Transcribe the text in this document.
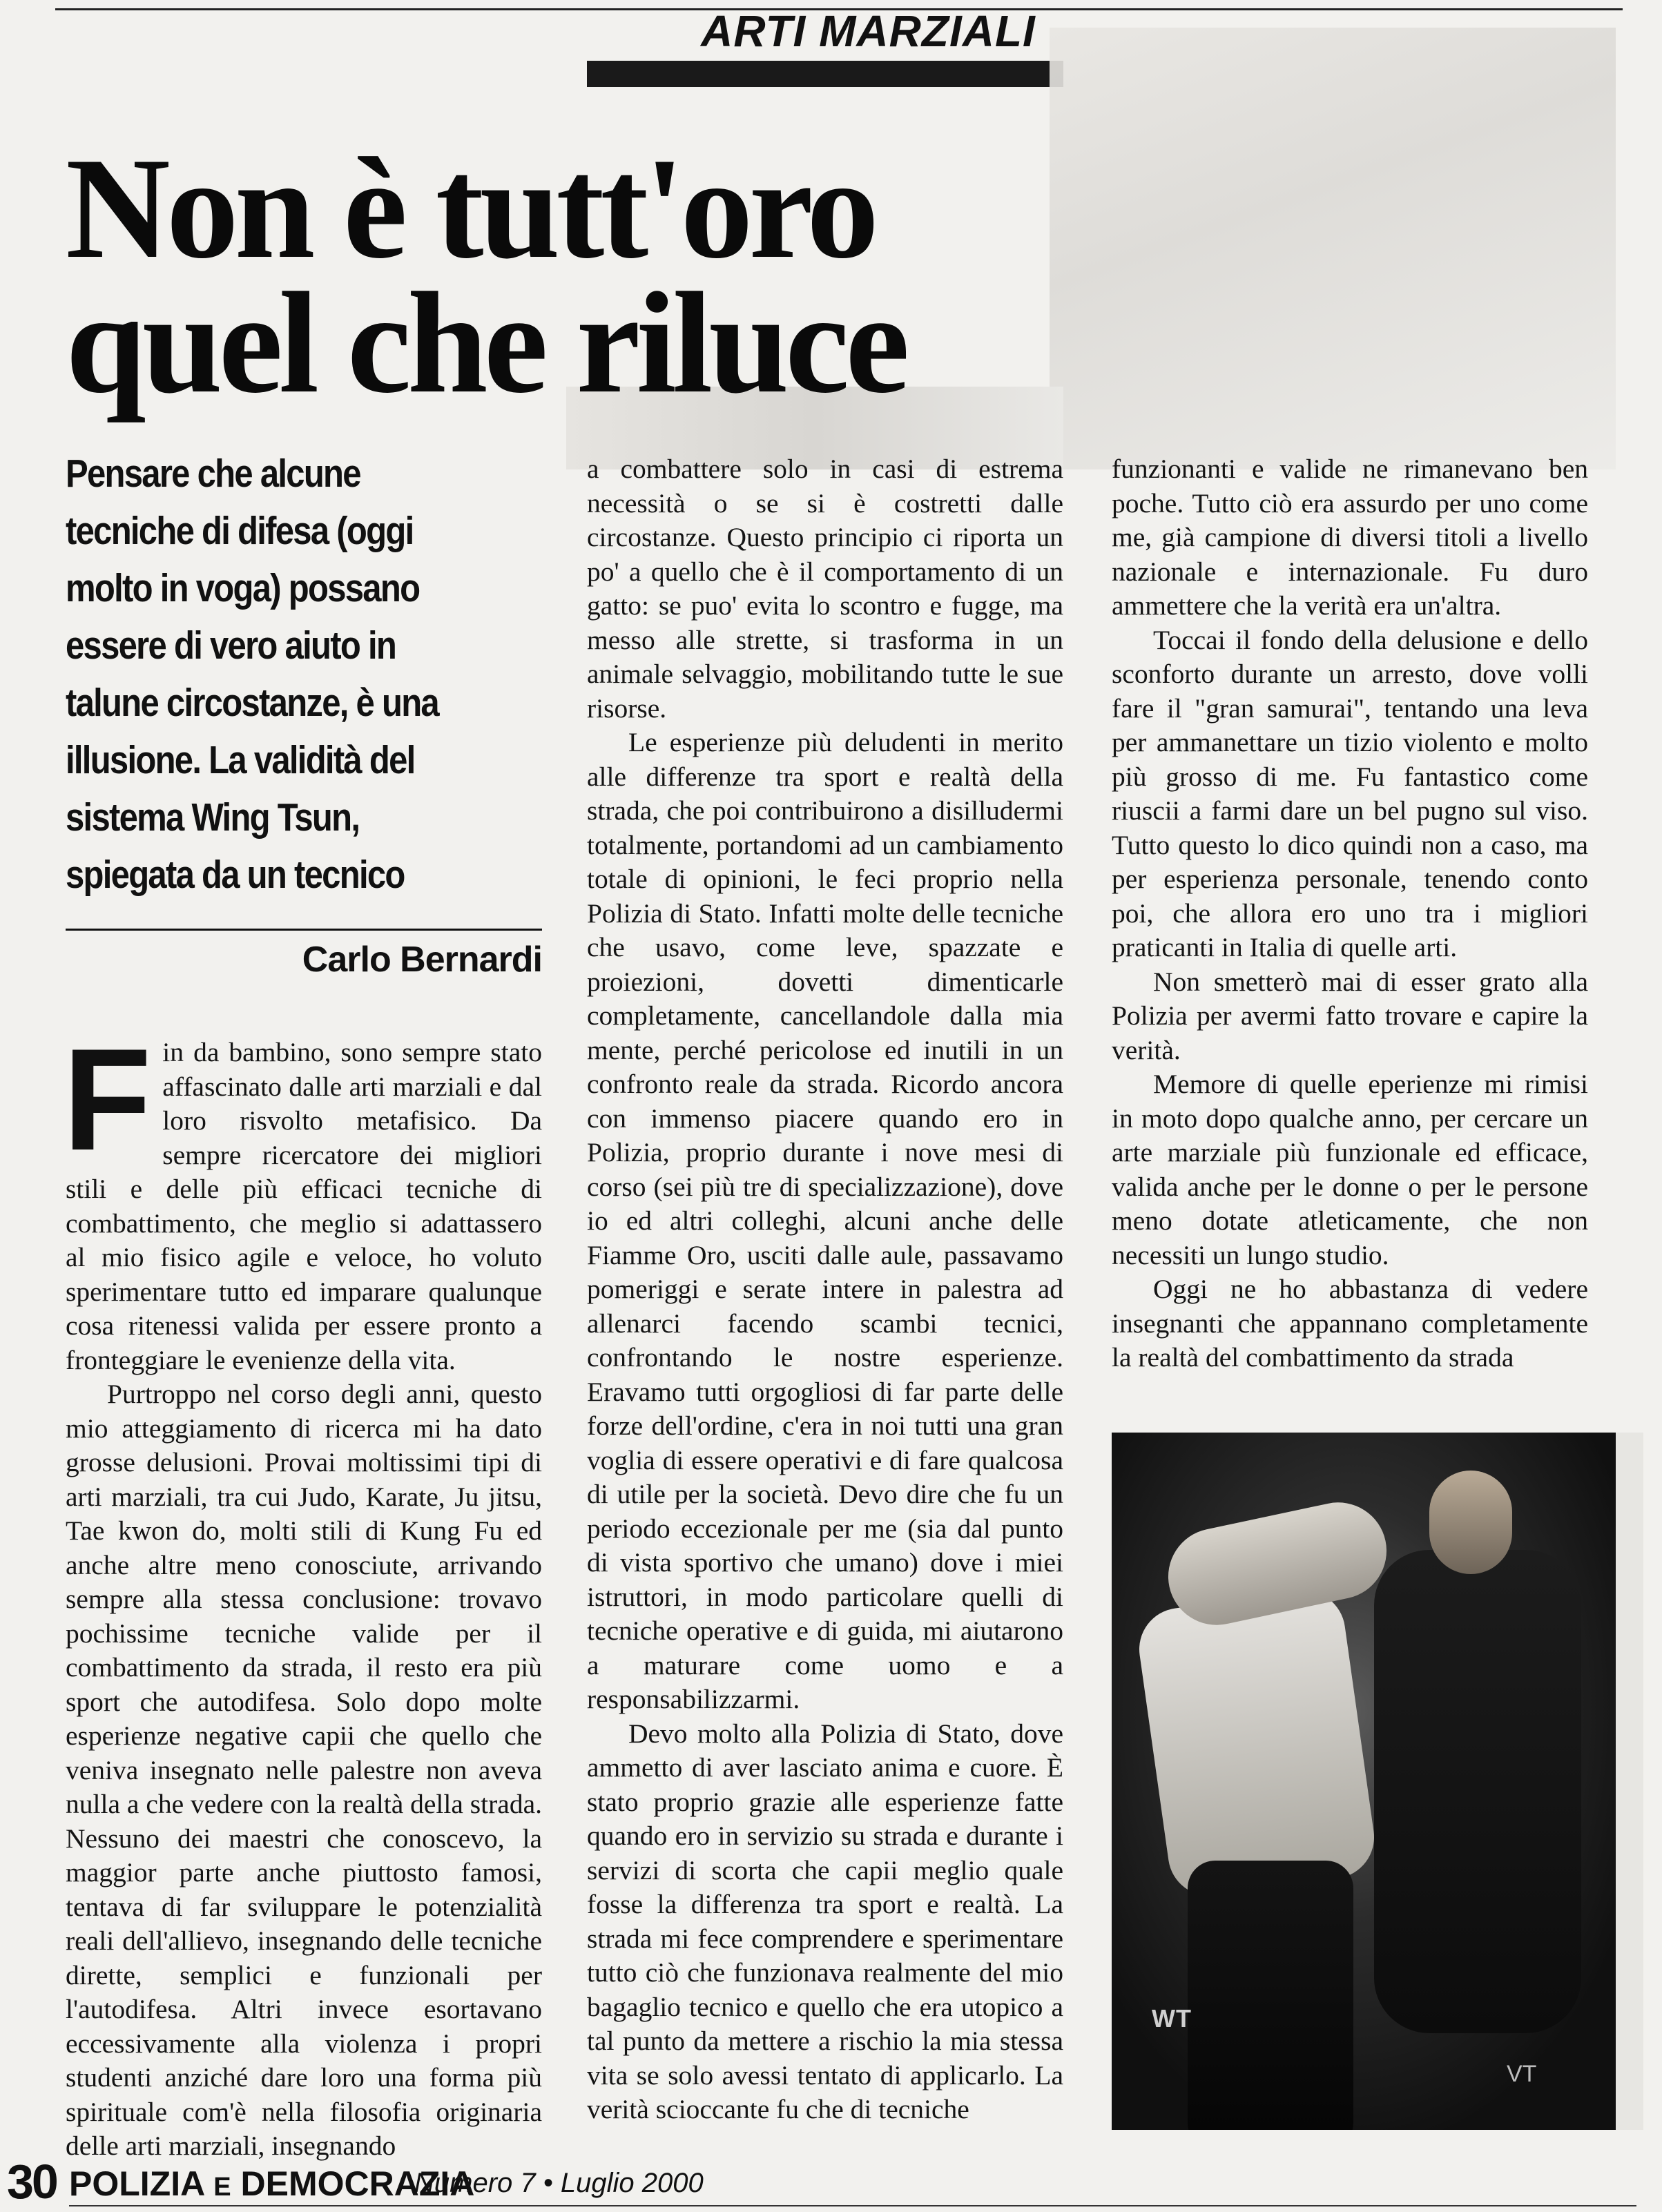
ARTI MARZIALI
Non è tutt'oro
quel che riluce
Pensare che alcune tecniche di difesa (oggi molto in voga) possano essere di vero aiuto in talune circostanze, è una illusione. La validità del sistema Wing Tsun, spiegata da un tecnico
Carlo Bernardi

Fin da bambino, sono sempre stato affascinato dalle arti marziali e dal loro risvolto metafisico. Da sempre ricercatore dei migliori stili e delle più efficaci tecniche di combattimento, che meglio si adattassero al mio fisico agile e veloce, ho voluto sperimentare tutto ed imparare qualunque cosa ritenessi valida per essere pronto a fronteggiare le evenienze della vita.

Purtroppo nel corso degli anni, questo mio atteggiamento di ricerca mi ha dato grosse delusioni. Provai moltissimi tipi di arti marziali, tra cui Judo, Karate, Ju jitsu, Tae kwon do, molti stili di Kung Fu ed anche altre meno conosciute, arrivando sempre alla stessa conclusione: trovavo pochissime tecniche valide per il combattimento da strada, il resto era più sport che autodifesa. Solo dopo molte esperienze negative capii che quello che veniva insegnato nelle palestre non aveva nulla a che vedere con la realtà della strada. Nessuno dei maestri che conoscevo, la maggior parte anche piuttosto famosi, tentava di far sviluppare le potenzialità reali dell'allievo, insegnando delle tecniche dirette, semplici e funzionali per l'autodifesa. Altri invece esortavano eccessivamente alla violenza i propri studenti anziché dare loro una forma più spirituale com'è nella filosofia originaria delle arti marziali, insegnando

a combattere solo in casi di estrema necessità o se si è costretti dalle circostanze. Questo principio ci riporta un po' a quello che è il comportamento di un gatto: se puo' evita lo scontro e fugge, ma messo alle strette, si trasforma in un animale selvaggio, mobilitando tutte le sue risorse.

Le esperienze più deludenti in merito alle differenze tra sport e realtà della strada, che poi contribuirono a disilludermi totalmente, portandomi ad un cambiamento totale di opinioni, le feci proprio nella Polizia di Stato. Infatti molte delle tecniche che usavo, come leve, spazzate e proiezioni, dovetti dimenticarle completamente, cancellandole dalla mia mente, perché pericolose ed inutili in un confronto reale da strada. Ricordo ancora con immenso piacere quando ero in Polizia, proprio durante i nove mesi di corso (sei più tre di specializzazione), dove io ed altri colleghi, alcuni anche delle Fiamme Oro, usciti dalle aule, passavamo pomeriggi e serate intere in palestra ad allenarci facendo scambi tecnici, confrontando le nostre esperienze. Eravamo tutti orgogliosi di far parte delle forze dell'ordine, c'era in noi tutti una gran voglia di essere operativi e di fare qualcosa di utile per la società. Devo dire che fu un periodo eccezionale per me (sia dal punto di vista sportivo che umano) dove i miei istruttori, in modo particolare quelli di tecniche operative e di guida, mi aiutarono a maturare come uomo e a responsabilizzarmi.

Devo molto alla Polizia di Stato, dove ammetto di aver lasciato anima e cuore. È stato proprio grazie alle esperienze fatte quando ero in servizio su strada e durante i servizi di scorta che capii meglio quale fosse la differenza tra sport e realtà. La strada mi fece comprendere e sperimentare tutto ciò che funzionava realmente del mio bagaglio tecnico e quello che era utopico a tal punto da mettere a rischio la mia stessa vita se solo avessi tentato di applicarlo. La verità scioccante fu che di tecniche

funzionanti e valide ne rimanevano ben poche. Tutto ciò era assurdo per uno come me, già campione di diversi titoli a livello nazionale e internazionale. Fu duro ammettere che la verità era un'altra.

Toccai il fondo della delusione e dello sconforto durante un arresto, dove volli fare il "gran samurai", tentando una leva per ammanettare un tizio violento e molto più grosso di me. Fu fantastico come riuscii a farmi dare un bel pugno sul viso. Tutto questo lo dico quindi non a caso, ma per esperienza personale, tenendo conto poi, che allora ero uno tra i migliori praticanti in Italia di quelle arti.

Non smetterò mai di esser grato alla Polizia per avermi fatto trovare e capire la verità.

Memore di quelle eperienze mi rimisi in moto dopo qualche anno, per cercare un arte marziale più funzionale ed efficace, valida anche per le donne o per le persone meno dotate atleticamente, che non necessiti un lungo studio.

Oggi ne ho abbastanza di vedere insegnanti che appannano completamente la realtà del combattimento da strada

WT
VT
30 POLIZIA E DEMOCRAZIA
Numero 7 • Luglio 2000
